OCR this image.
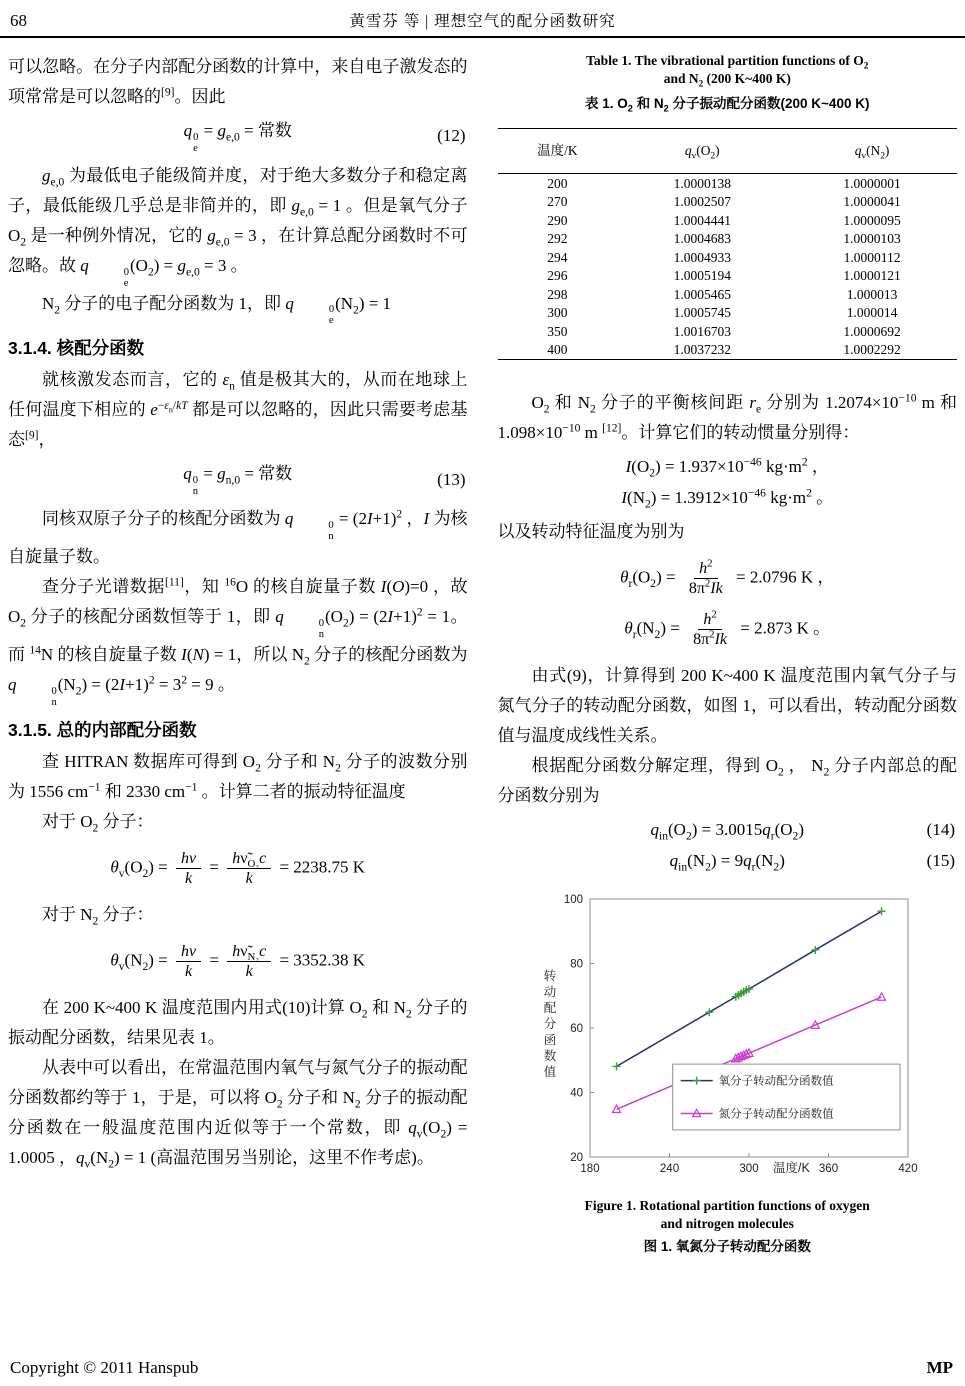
68	黄雪芬 等 | 理想空气的配分函数研究

可以忽略。在分子内部配分函数的计算中，来自电子激发态的项常常是可以忽略的[9]。因此

q 0
e
= $g_{e,0}$ = 常数	(12)

$g_{e,0}$ 为最低电子能级简并度，对于绝大多数分子和稳定离子，最低能级几乎总是非简并的，即 $g_{e,0} = 1$ 。但是氧气分子 $O_2$ 是一种例外情况，它的 $g_{e,0} = 3$ ，在计算总配分函数时不可忽略。故 q	0
e
$(O_2) = g_{e,0} = 3$ 。

$N_2$ 分子的电子配分函数为 1，即 q	0
e
$(N_2) = 1$

3.1.4. 核配分函数

就核激发态而言，它的 $\varepsilon_n$ 值是极其大的，从而在地球上任何温度下相应的 $e^{-\varepsilon_n/kT}$ 都是可以忽略的，因此只需要考虑基态[9]，

q 0
n
= $g_{n,0}$ = 常数	(13)

同核双原子分子的核配分函数为 q	0
n
= $(2I+1)^2$ ，I 为核自旋量子数。

查分子光谱数据[11]，知 $^{16}$O 的核自旋量子数 I(O)=0 ，故 $O_2$ 分子的核配分函数恒等于 1，即 q	0
n
$(O_2) = (2I+1)^2 = 1$。而 $^{14}$N 的核自旋量子数 I(N) = 1，所以 $N_2$ 分子的核配分函数为 q	0
n
$(N_2) = (2I+1)^2 = 3^2 = 9$ 。

3.1.5. 总的内部配分函数

查 HITRAN 数据库可得到 $O_2$ 分子和 $N_2$ 分子的波数分别为 1556 $cm^{-1}$ 和 2330 $cm^{-1}$ 。计算二者的振动特征温度

对于 $O_2$ 分子：

$\theta_v(O_2) = \frac{h\nu}{k} = \frac{h\nũ_{O_2}c}{k} = 2238.75$ K

对于 $N_2$ 分子：

$\theta_v(N_2) = \frac{h\nu}{k} = \frac{h\nũ_{N_2}c}{k} = 3352.38$ K

在 200 K~400 K 温度范围内用式(10)计算 $O_2$ 和 $N_2$ 分子的振动配分函数，结果见表 1。

从表中可以看出，在常温范围内氧气与氮气分子的振动配分函数都约等于 1，于是，可以将 $O_2$ 分子和 $N_2$ 分子的振动配分函数在一般温度范围内近似等于一个常数，即 $q_v(O_2) = 1.0005$ ，$q_v(N_2) = 1$ (高温范围另当别论，这里不作考虑)。

Table 1. The vibrational partition functions of $O_2$
and $N_2$ (200 K~400 K)
表 1. $O_2$ 和 $N_2$ 分子振动配分函数(200 K~400 K)
温度/K	$q_v(O_2)$	$q_v(N_2)$
200	1.0000138	1.0000001
270	1.0002507	1.0000041
290	1.0004441	1.0000095
292	1.0004683	1.0000103
294	1.0004933	1.0000112
296	1.0005194	1.0000121
298	1.0005465	1.000013
300	1.0005745	1.000014
350	1.0016703	1.0000692
400	1.0037232	1.0002292

$O_2$ 和 $N_2$ 分子的平衡核间距 $r_e$ 分别为 $1.2074\times 10^{-10}$ m 和 $1.098\times 10^{-10}$ m [12]。计算它们的转动惯量分别得：

$I(O_2) = 1.937\times 10^{-46}$ $kg\cdot m^2$ ，
$I(N_2) = 1.3912\times 10^{-46}$ $kg\cdot m^2$ 。

以及转动特征温度为别为

$\theta_r(O_2) = \frac{h^2}{8\pi^2Ik} = 2.0796$ K ，
$\theta_r(N_2) = \frac{h^2}{8\pi^2Ik} = 2.873$ K 。

由式(9)，计算得到 200 K~400 K 温度范围内氧气分子与氮气分子的转动配分函数，如图 1，可以看出，转动配分函数值与温度成线性关系。

根据配分函数分解定理，得到 $O_2$ ， $N_2$ 分子内部总的配分函数分别为

$q_{in}(O_2) = 3.0015q_r(O_2)$	(14)
$q_{in}(N_2) = 9q_r(N_2)$	(15)
20
40
60
80
100
180	240	300	360	420
温度/K
转
动
配
分
函
数
值
氧分子转动配分函数值
氮分子转动配分函数值
Figure 1. Rotational partition functions of oxygen
and nitrogen molecules
图 1. 氧氮分子转动配分函数
Copyright © 2011 Hanspub	MP
